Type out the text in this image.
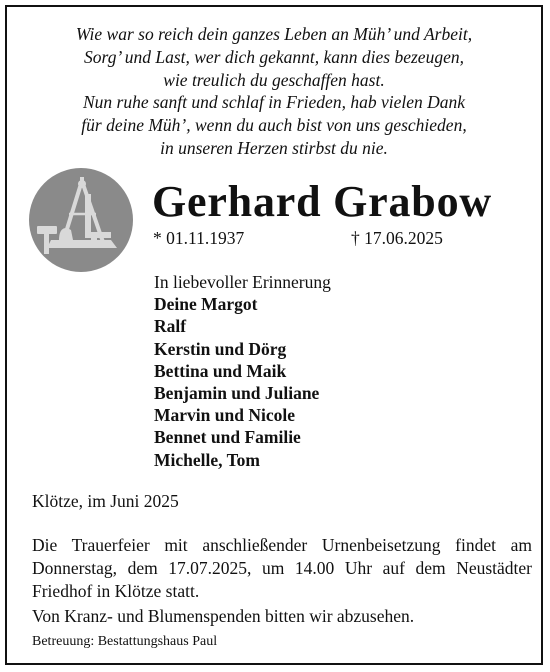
Wie war so reich dein ganzes Leben an Müh’ und Arbeit,
Sorg’ und Last, wer dich gekannt, kann dies bezeugen,
wie treulich du geschaffen hast.
Nun ruhe sanft und schlaf in Frieden, hab vielen Dank
für deine Müh’, wenn du auch bist von uns geschieden,
in unseren Herzen stirbst du nie.
Gerhard Grabow
* 01.11.1937	† 17.06.2025
In liebevoller Erinnerung
Deine Margot
Ralf
Kerstin und Dörg
Bettina und Maik
Benjamin und Juliane
Marvin und Nicole
Bennet und Familie
Michelle, Tom
Klötze, im Juni 2025
Die Trauerfeier mit anschließender Urnenbeisetzung findet am
Donnerstag, dem 17.07.2025, um 14.00 Uhr auf dem Neustädter
Friedhof in Klötze statt.
Von Kranz- und Blumenspenden bitten wir abzusehen.
Betreuung: Bestattungshaus Paul
